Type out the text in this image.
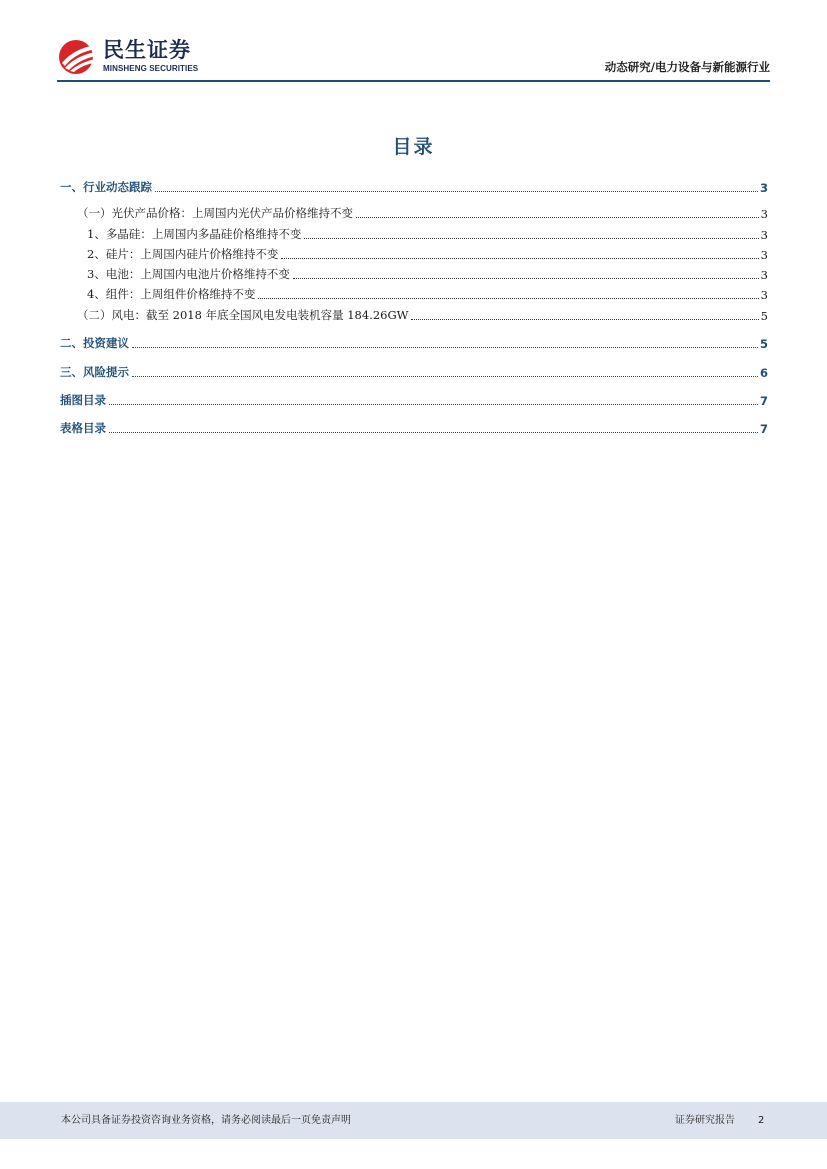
民生证券
MINSHENG SECURITIES	动态研究/电力设备与新能源行业
目录
一、行业动态跟踪	3
（一）光伏产品价格：上周国内光伏产品价格维持不变	3
1、多晶硅：上周国内多晶硅价格维持不变	3
2、硅片：上周国内硅片价格维持不变	3
3、电池：上周国内电池片价格维持不变	3
4、组件：上周组件价格维持不变	3
（二）风电：截至 2018 年底全国风电发电装机容量 184.26GW	5
二、投资建议	5
三、风险提示	6
插图目录	7
表格目录	7
本公司具备证券投资咨询业务资格，请务必阅读最后一页免责声明	证券研究报告 2
